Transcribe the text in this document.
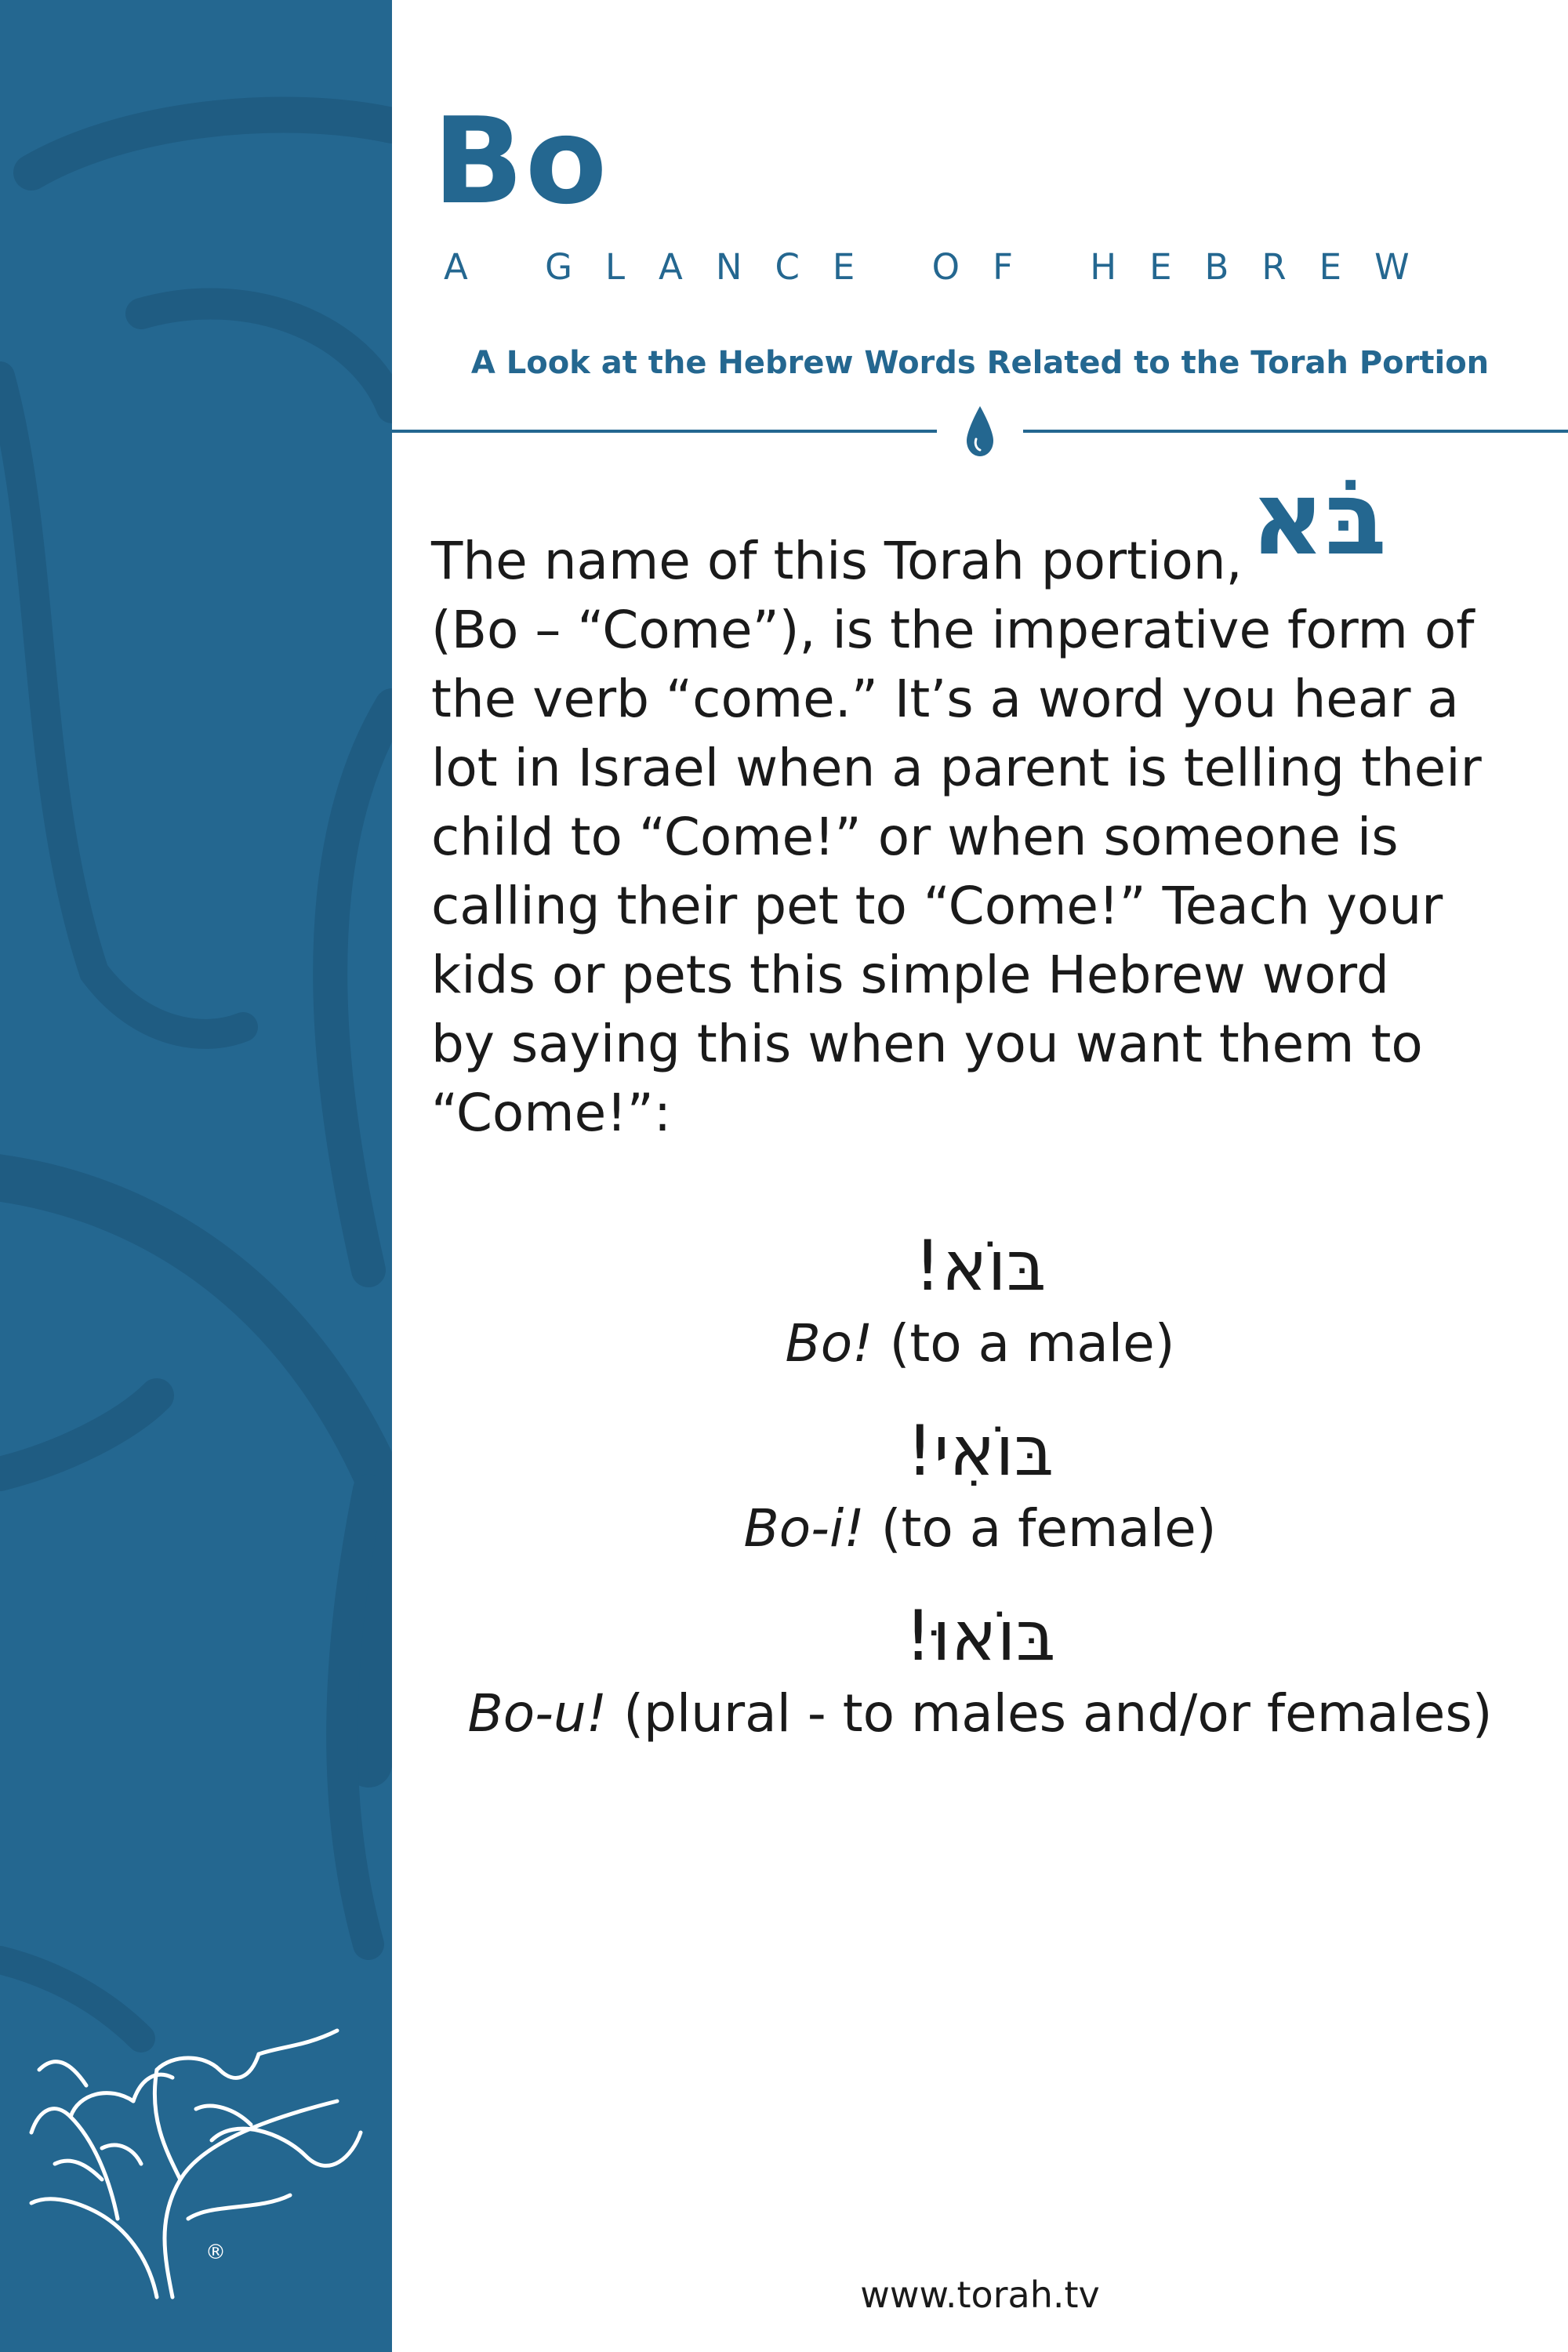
®
Bo
A GLANCE OF HEBREW
A Look at the Hebrew Words Related to the Torah Portion
בֹּא
The name of this Torah portion,
(Bo – “Come”), is the imperative form of
the verb “come.” It’s a word you hear a
lot in Israel when a parent is telling their
child to “Come!” or when someone is
calling their pet to “Come!” Teach your
kids or pets this simple Hebrew word
by saying this when you want them to
“Come!”:
בּוֹא!
Bo! (to a male)
בּוֹאִי!
Bo-i! (to a female)
בּוֹאוּ!
Bo-u! (plural - to males and/or females)
www.torah.tv
